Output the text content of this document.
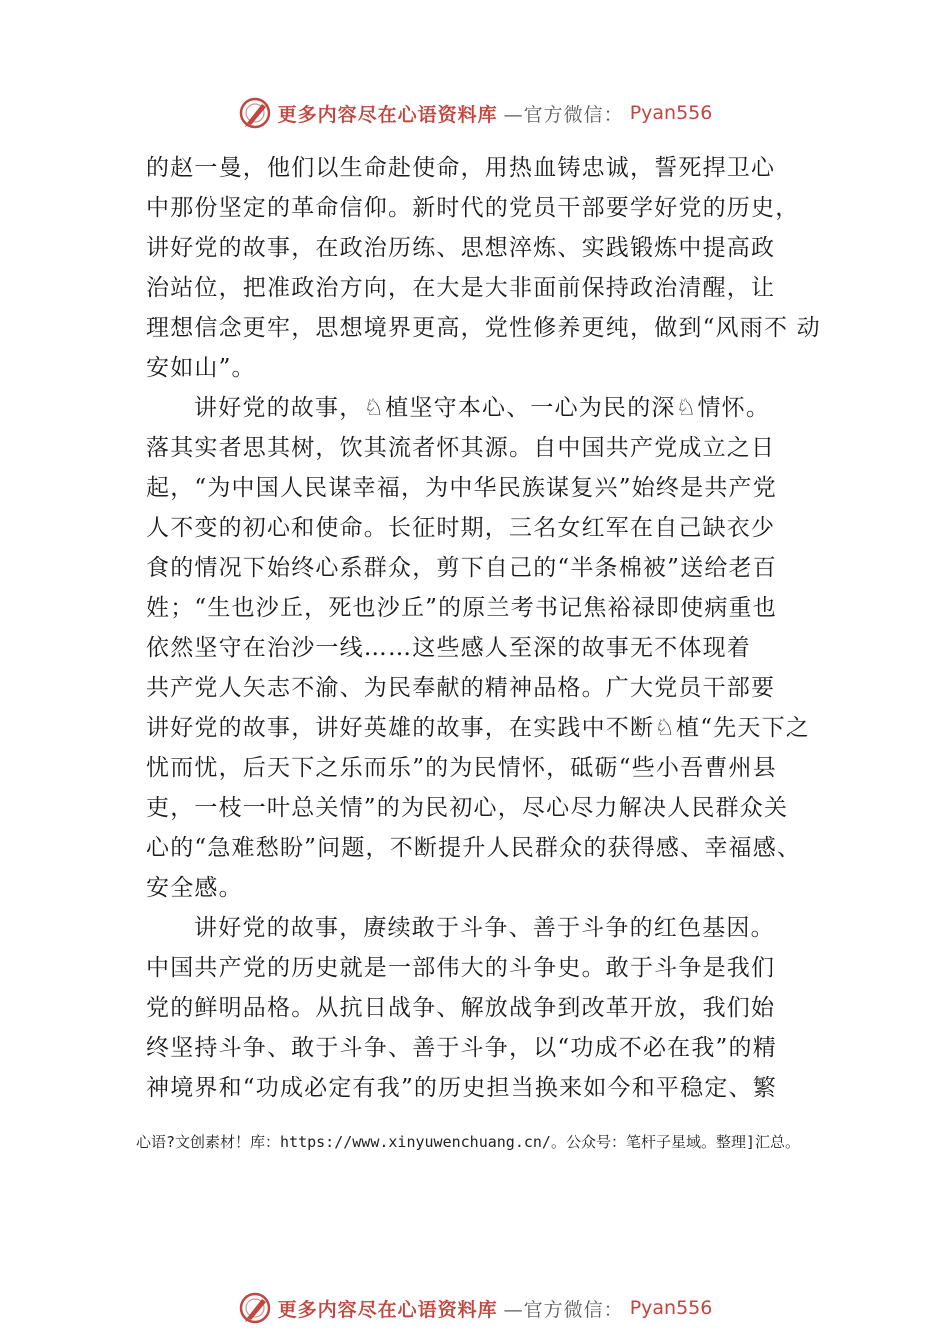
更多内容尽在心语资料库 —官方微信： Pyan556
的赵一曼，他们以生命赴使命，用热血铸忠诚，誓死捍卫心
中那份坚定的革命信仰。新时代的党员干部要学好党的历史，
讲好党的故事，在政治历练、思想淬炼、实践锻炼中提高政
治站位，把准政治方向，在大是大非面前保持政治清醒，让
理想信念更牢，思想境界更高，党性修养更纯，做到“风雨不 动
安如山”。
讲好党的故事，♘植坚守本心、一心为民的深♘情怀。
落其实者思其树，饮其流者怀其源。自中国共产党成立之日
起，“为中国人民谋幸福，为中华民族谋复兴”始终是共产党
人不变的初心和使命。长征时期，三名女红军在自己缺衣少
食的情况下始终心系群众，剪下自己的“半条棉被”送给老百
姓；“生也沙丘，死也沙丘”的原兰考书记焦裕禄即使病重也
依然坚守在治沙一线……这些感人至深的故事无不体现着
共产党人矢志不渝、为民奉献的精神品格。广大党员干部要
讲好党的故事，讲好英雄的故事，在实践中不断♘植“先天下之
忧而忧，后天下之乐而乐”的为民情怀，砥砺“些小吾曹州县
吏，一枝一叶总关情”的为民初心，尽心尽力解决人民群众关
心的“急难愁盼”问题，不断提升人民群众的获得感、幸福感、
安全感。
讲好党的故事，赓续敢于斗争、善于斗争的红色基因。
中国共产党的历史就是一部伟大的斗争史。敢于斗争是我们
党的鲜明品格。从抗日战争、解放战争到改革开放，我们始
终坚持斗争、敢于斗争、善于斗争，以“功成不必在我”的精
神境界和“功成必定有我”的历史担当换来如今和平稳定、繁
心语?文创素材！库：https://www.xinyuwenchuang.cn/。公众号：笔杆子星域。整理]汇总。
更多内容尽在心语资料库 —官方微信： Pyan556
